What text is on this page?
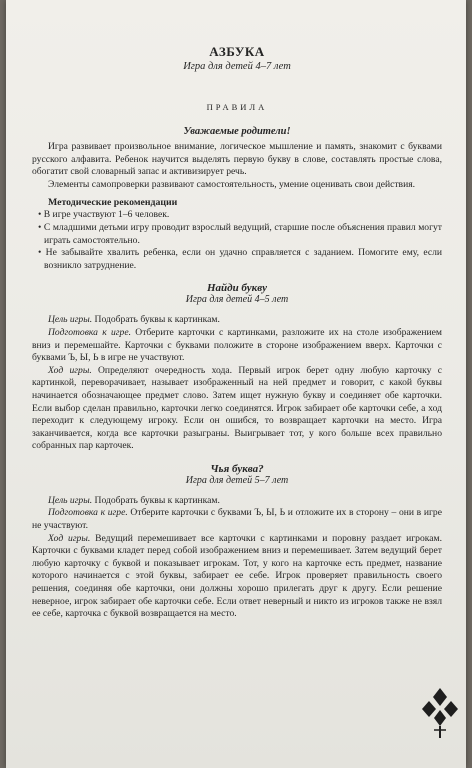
АЗБУКА
Игра для детей 4–7 лет
ПРАВИЛА
Уважаемые родители!

Игра развивает произвольное внимание, логическое мышление и память, знакомит с буквами русского алфавита. Ребенок научится выделять первую букву в слове, составлять простые слова, обогатит свой словарный запас и активизирует речь.

Элементы самопроверки развивают самостоятельность, умение оценивать свои действия.

Методические рекомендации

• В игре участвуют 1–6 человек.

• С младшими детьми игру проводит взрослый ведущий, старшие после объяснения правил могут играть самостоятельно.

• Не забывайте хвалить ребенка, если он удачно справляется с заданием. Помогите ему, если возникло затруднение.

Найди букву
Игра для детей 4–5 лет

Цель игры. Подобрать буквы к картинкам.

Подготовка к игре. Отберите карточки с картинками, разложите их на столе изображением вниз и перемешайте. Карточки с буквами положите в стороне изображением вверх. Карточки с буквами Ъ, Ы, Ь в игре не участвуют.

Ход игры. Определяют очередность хода. Первый игрок берет одну любую карточку с картинкой, переворачивает, называет изображенный на ней предмет и говорит, с какой буквы начинается обозначающее предмет слово. Затем ищет нужную букву и соединяет обе карточки. Если выбор сделан правильно, карточки легко соединятся. Игрок забирает обе карточки себе, а ход переходит к следующему игроку. Если он ошибся, то возвращает карточки на место. Игра заканчивается, когда все карточки разыграны. Выигрывает тот, у кого больше всех правильно собранных пар карточек.

Чья буква?
Игра для детей 5–7 лет

Цель игры. Подобрать буквы к картинкам.

Подготовка к игре. Отберите карточки с буквами Ъ, Ы, Ь и отложите их в сторону – они в игре не участвуют.

Ход игры. Ведущий перемешивает все карточки с картинками и поровну раздает игрокам. Карточки с буквами кладет перед собой изображением вниз и перемешивает. Затем ведущий берет любую карточку с буквой и показывает игрокам. Тот, у кого на карточке есть предмет, название которого начинается с этой буквы, забирает ее себе. Игрок проверяет правильность своего решения, соединяя обе карточки, они должны хорошо прилегать друг к другу. Если решение неверное, игрок забирает обе карточки себе. Если ответ неверный и никто из игроков также не взял ее себе, карточка с буквой возвращается на место.
